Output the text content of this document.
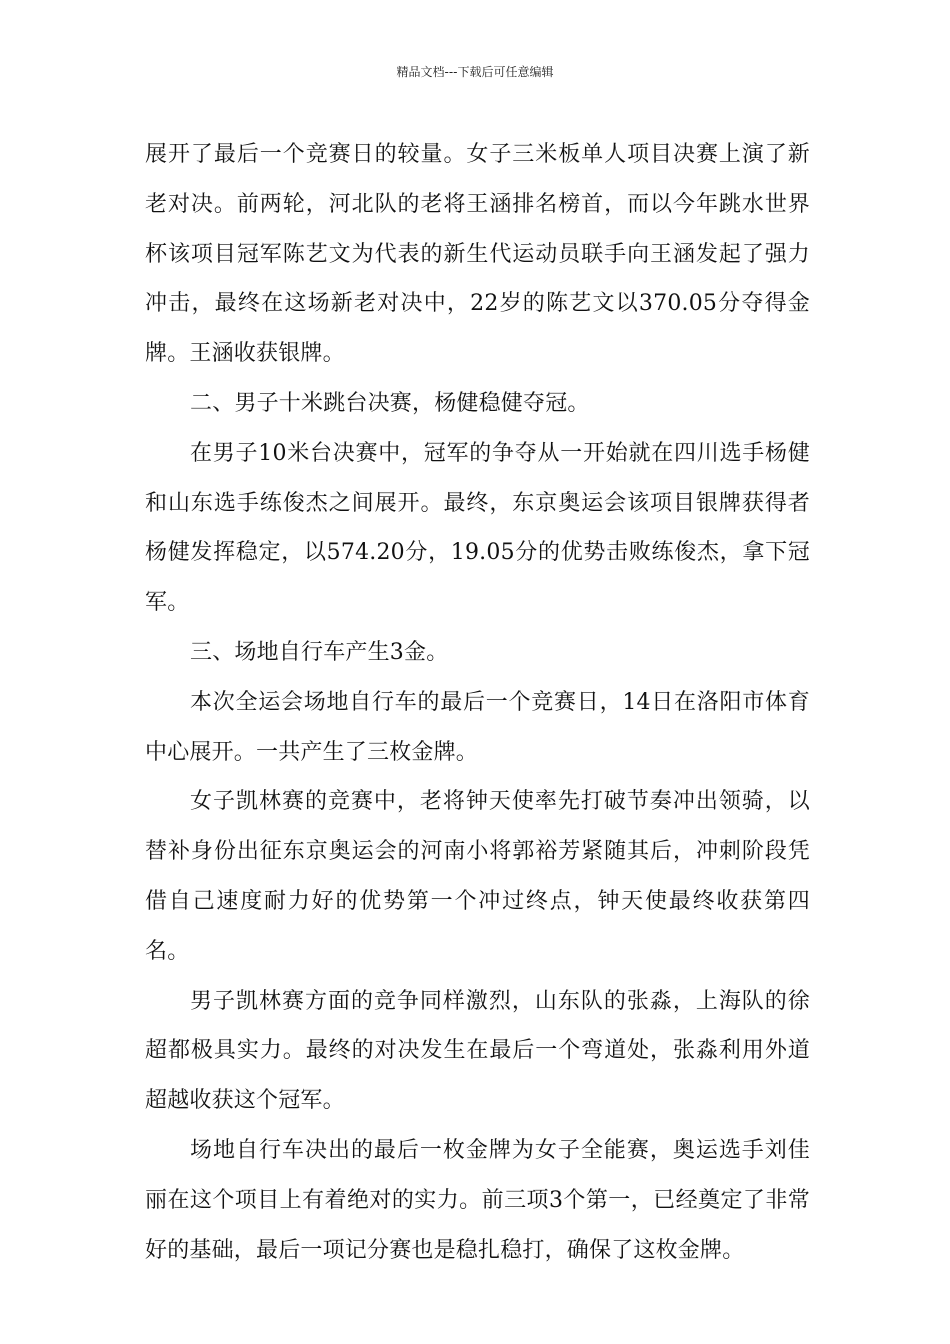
精品文档---下载后可任意编辑

展开了最后一个竞赛日的较量。女子三米板单人项目决赛上演了新老对决。前两轮，河北队的老将王涵排名榜首，而以今年跳水世界杯该项目冠军陈艺文为代表的新生代运动员联手向王涵发起了强力冲击，最终在这场新老对决中，22岁的陈艺文以370.05分夺得金牌。王涵收获银牌。

二、男子十米跳台决赛，杨健稳健夺冠。

在男子10米台决赛中，冠军的争夺从一开始就在四川选手杨健和山东选手练俊杰之间展开。最终，东京奥运会该项目银牌获得者杨健发挥稳定，以574.20分，19.05分的优势击败练俊杰，拿下冠军。

三、场地自行车产生3金。

本次全运会场地自行车的最后一个竞赛日，14日在洛阳市体育中心展开。一共产生了三枚金牌。

女子凯林赛的竞赛中，老将钟天使率先打破节奏冲出领骑，以替补身份出征东京奥运会的河南小将郭裕芳紧随其后，冲刺阶段凭借自己速度耐力好的优势第一个冲过终点，钟天使最终收获第四名。

男子凯林赛方面的竞争同样激烈，山东队的张淼，上海队的徐超都极具实力。最终的对决发生在最后一个弯道处，张淼利用外道超越收获这个冠军。

场地自行车决出的最后一枚金牌为女子全能赛，奥运选手刘佳丽在这个项目上有着绝对的实力。前三项3个第一，已经奠定了非常好的基础，最后一项记分赛也是稳扎稳打，确保了这枚金牌。
